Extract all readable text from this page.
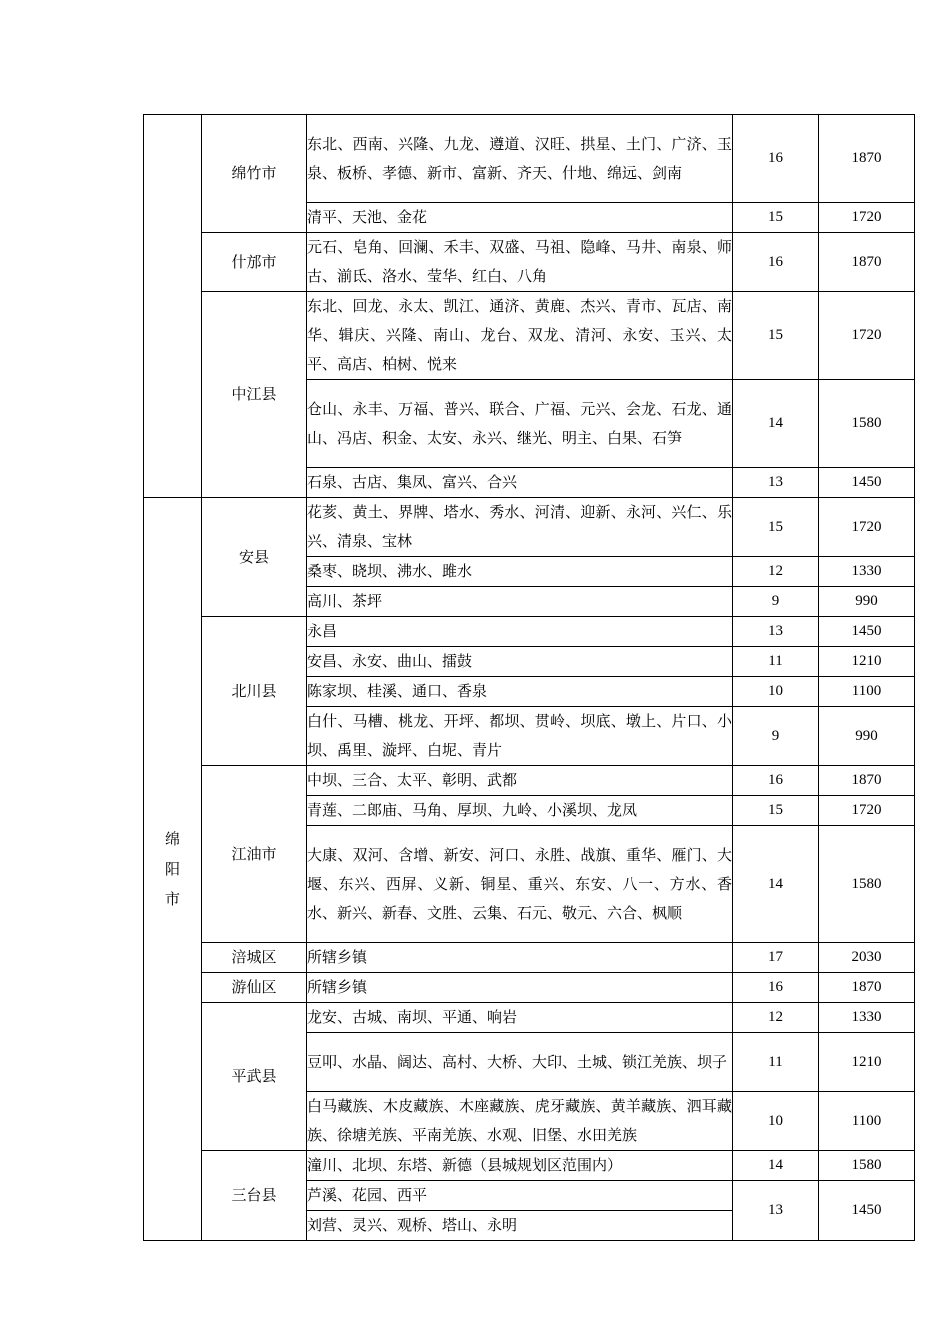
	绵竹市	东北、西南、兴隆、九龙、遵道、汉旺、拱星、土门、广济、玉泉、板桥、孝德、新市、富新、齐天、什地、绵远、剑南	16	1870
		清平、天池、金花	15	1720
	什邡市	元石、皂角、回澜、禾丰、双盛、马祖、隐峰、马井、南泉、师古、湔氐、洛水、莹华、红白、八角	16	1870
	中江县	东北、回龙、永太、凯江、通济、黄鹿、杰兴、青市、瓦店、南华、辑庆、兴隆、南山、龙台、双龙、清河、永安、玉兴、太平、高店、柏树、悦来	15	1720
		仓山、永丰、万福、普兴、联合、广福、元兴、会龙、石龙、通山、冯店、积金、太安、永兴、继光、明主、白果、石笋	14	1580
		石泉、古店、集凤、富兴、合兴	13	1450
绵阳市	安县	花荄、黄土、界牌、塔水、秀水、河清、迎新、永河、兴仁、乐兴、清泉、宝林	15	1720
		桑枣、晓坝、沸水、雎水	12	1330
		高川、茶坪	9	990
	北川县	永昌	13	1450
		安昌、永安、曲山、擂鼓	11	1210
		陈家坝、桂溪、通口、香泉	10	1100
		白什、马槽、桃龙、开坪、都坝、贯岭、坝底、墩上、片口、小坝、禹里、漩坪、白坭、青片	9	990
	江油市	中坝、三合、太平、彰明、武都	16	1870
		青莲、二郎庙、马角、厚坝、九岭、小溪坝、龙凤	15	1720
		大康、双河、含增、新安、河口、永胜、战旗、重华、雁门、大堰、东兴、西屏、义新、铜星、重兴、东安、八一、方水、香水、新兴、新春、文胜、云集、石元、敬元、六合、枫顺	14	1580
	涪城区	所辖乡镇	17	2030
	游仙区	所辖乡镇	16	1870
	平武县	龙安、古城、南坝、平通、响岩	12	1330
		豆叩、水晶、阔达、高村、大桥、大印、土城、锁江羌族、坝子	11	1210
		白马藏族、木皮藏族、木座藏族、虎牙藏族、黄羊藏族、泗耳藏族、徐塘羌族、平南羌族、水观、旧堡、水田羌族	10	1100
	三台县	潼川、北坝、东塔、新德（县城规划区范围内）	14	1580
		芦溪、花园、西平	13	1450
		刘营、灵兴、观桥、塔山、永明		
